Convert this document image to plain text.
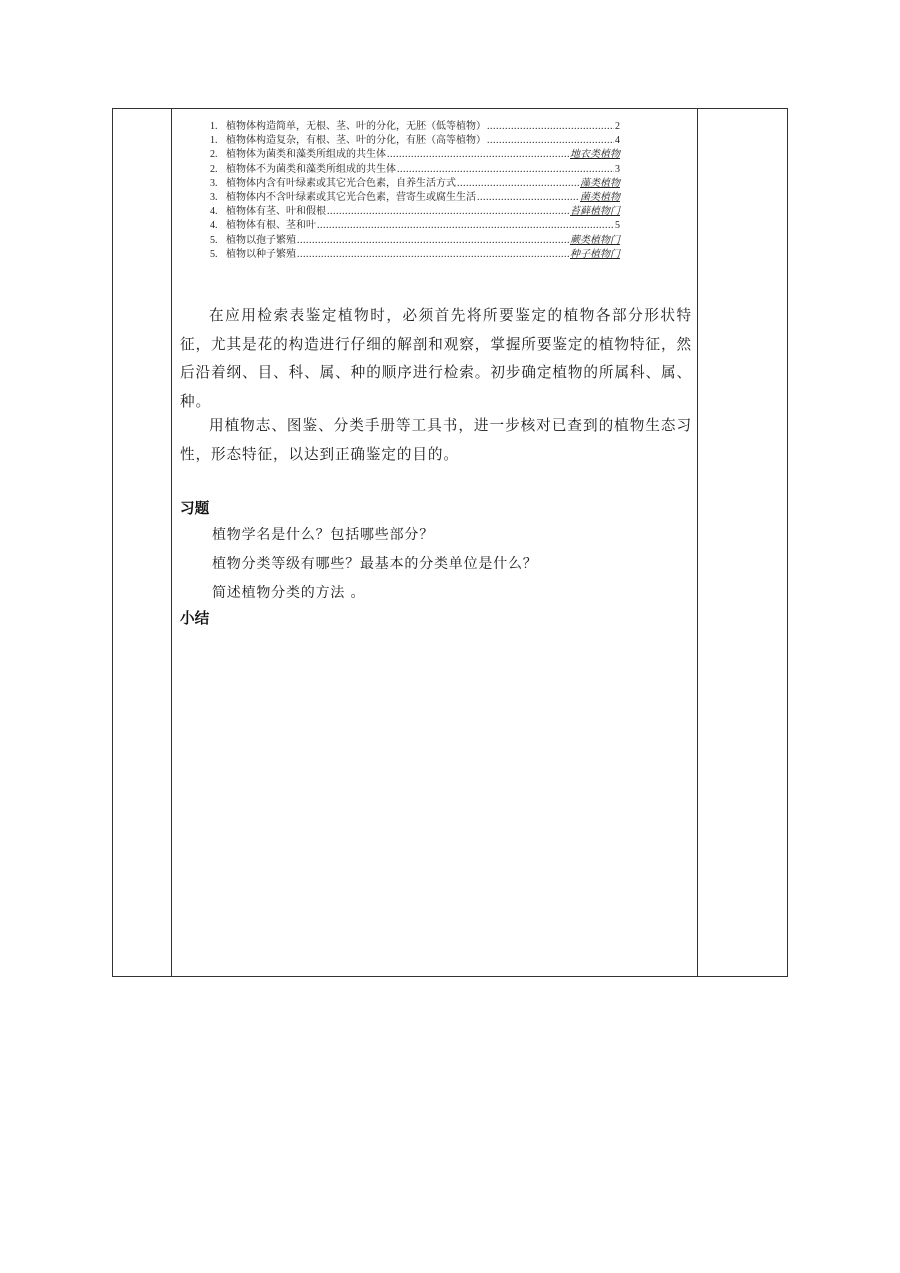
1. 植物体构造简单，无根、茎、叶的分化，无胚（低等植物） .....	2
1. 植物体构造复杂，有根、茎、叶的分化，有胚（高等植物） .....	4
2. 植物体为菌类和藻类所组成的共生体 .....	地衣类植物
2. 植物体不为菌类和藻类所组成的共生体 .....	3
3. 植物体内含有叶绿素或其它光合色素，自养生活方式 .....	藻类植物
3. 植物体内不含叶绿素或其它光合色素，营寄生或腐生生活 .....	菌类植物
4. 植物体有茎、叶和假根 .....	苔藓植物门
4. 植物体有根、茎和叶 .....	5
5. 植物以孢子繁殖 .....	蕨类植物门
5. 植物以种子繁殖 .....	种子植物门

在应用检索表鉴定植物时，必须首先将所要鉴定的植物各部分形状特征，尤其是花的构造进行仔细的解剖和观察，掌握所要鉴定的植物特征，然后沿着纲、目、科、属、种的顺序进行检索。初步确定植物的所属科、属、种。

用植物志、图鉴、分类手册等工具书，进一步核对已查到的植物生态习性，形态特征，以达到正确鉴定的目的。

习题
植物学名是什么？包括哪些部分？
植物分类等级有哪些？最基本的分类单位是什么？
简述植物分类的方法 。
小结
